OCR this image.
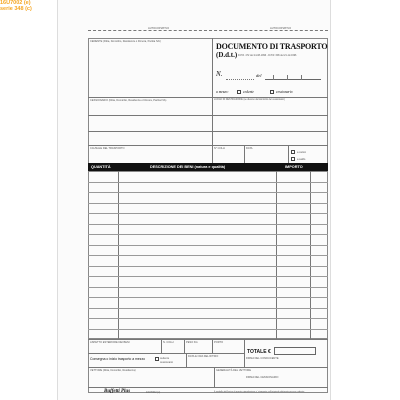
16U7002 (e)
serie 348 (c)
AUTOCOPIATIVO	AUTOCOPIATIVO
CEDENTE (Ditta, Domicilio, Residenza o Dimora, Partita IVA)
DOCUMENTO DI TRASPORTO
(D.d.t.) D.P.R. 472 del 14-08-1996 - D.P.R. 696 del 21-12-1996
N.	del
a mezzo:	cedente	cessionario
CESSIONARIO (Ditta, Domicilio, Residenza o Dimora, Partita IVA)	LUOGO DI DESTINAZIONE (se diverso dal domicilio del cessionario)
CAUSALE DEL TRASPORTO	N° COLLI	DATA
a carico
a saldo
QUANTITÀ	DESCRIZIONE DEI BENI (natura e qualità)	IMPORTO
ASPETTO ESTERIORE DEI BENI	N. COLLI	PESO KG	PORTO
TOTALE €
Consegna o inizio trasporto a mezzo	cedente
cessionario
DATA E ORA DEL RITIRO
FIRMA DEL CONDUCENTE
VETTORE (Ditta, Domicilio, Residenza)	GENERALITÀ DEL VETTORE
FIRMA DEL CESSIONARIO
Buffetti Plus	16U7002 (c)	Il modello dell'unico di questa riproduzione e' stampato sull'originale datterato presso cedente
